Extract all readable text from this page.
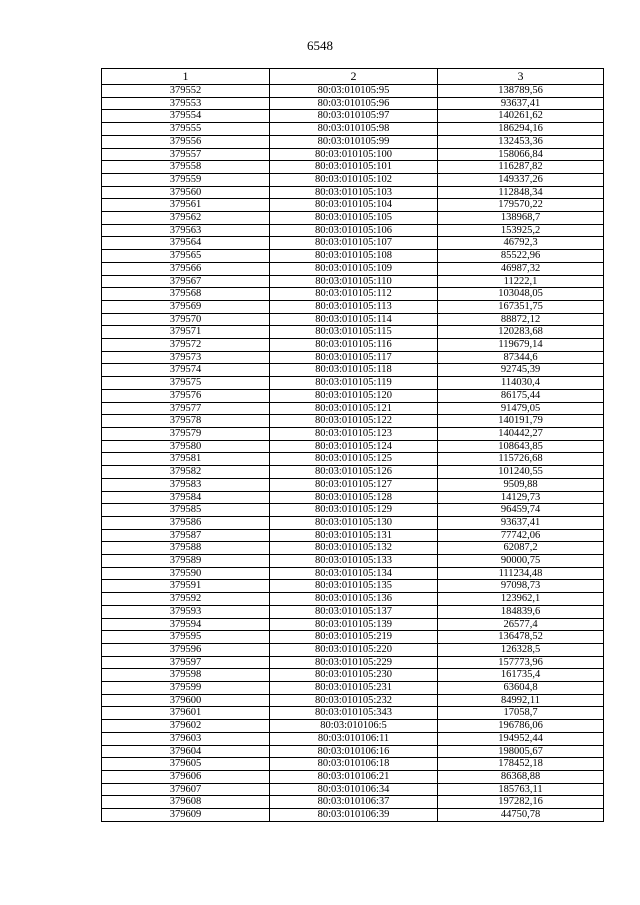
6548
1	2	3
379552	80:03:010105:95	138789,56
379553	80:03:010105:96	93637,41
379554	80:03:010105:97	140261,62
379555	80:03:010105:98	186294,16
379556	80:03:010105:99	132453,36
379557	80:03:010105:100	158066,84
379558	80:03:010105:101	116287,82
379559	80:03:010105:102	149337,26
379560	80:03:010105:103	112848,34
379561	80:03:010105:104	179570,22
379562	80:03:010105:105	138968,7
379563	80:03:010105:106	153925,2
379564	80:03:010105:107	46792,3
379565	80:03:010105:108	85522,96
379566	80:03:010105:109	46987,32
379567	80:03:010105:110	11222,1
379568	80:03:010105:112	103048,05
379569	80:03:010105:113	167351,75
379570	80:03:010105:114	88872,12
379571	80:03:010105:115	120283,68
379572	80:03:010105:116	119679,14
379573	80:03:010105:117	87344,6
379574	80:03:010105:118	92745,39
379575	80:03:010105:119	114030,4
379576	80:03:010105:120	86175,44
379577	80:03:010105:121	91479,05
379578	80:03:010105:122	140191,79
379579	80:03:010105:123	140442,27
379580	80:03:010105:124	108643,85
379581	80:03:010105:125	115726,68
379582	80:03:010105:126	101240,55
379583	80:03:010105:127	9509,88
379584	80:03:010105:128	14129,73
379585	80:03:010105:129	96459,74
379586	80:03:010105:130	93637,41
379587	80:03:010105:131	77742,06
379588	80:03:010105:132	62087,2
379589	80:03:010105:133	90000,75
379590	80:03:010105:134	111234,48
379591	80:03:010105:135	97098,73
379592	80:03:010105:136	123962,1
379593	80:03:010105:137	184839,6
379594	80:03:010105:139	26577,4
379595	80:03:010105:219	136478,52
379596	80:03:010105:220	126328,5
379597	80:03:010105:229	157773,96
379598	80:03:010105:230	161735,4
379599	80:03:010105:231	63604,8
379600	80:03:010105:232	84992,11
379601	80:03:010105:343	17058,7
379602	80:03:010106:5	196786,06
379603	80:03:010106:11	194952,44
379604	80:03:010106:16	198005,67
379605	80:03:010106:18	178452,18
379606	80:03:010106:21	86368,88
379607	80:03:010106:34	185763,11
379608	80:03:010106:37	197282,16
379609	80:03:010106:39	44750,78
